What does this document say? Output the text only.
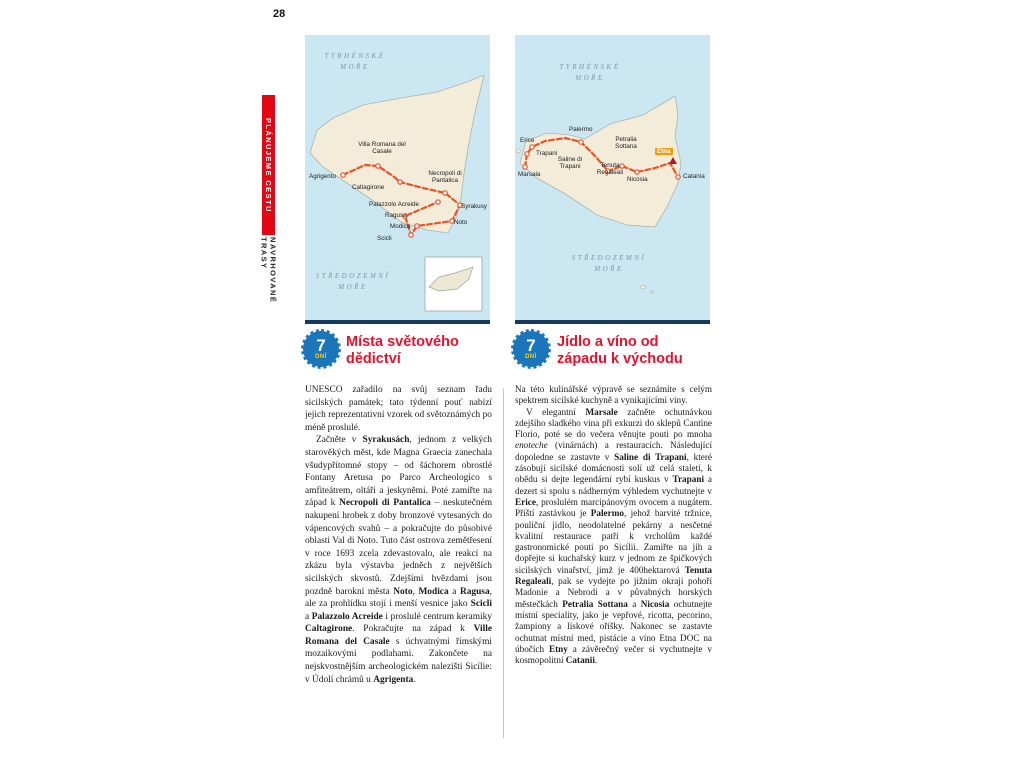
28
PLÁNUJEME CESTU
NAVRHOVANÉ TRASY
TYRHÉNSKÉ MOŘE
STŘEDOZEMNÍ MOŘE
Villa Romana del Casale
Agrigento
Caltagirone
Necropoli di Pantalica
Palazzolo Acreide	Syrakusy
Ragusa
Modica
Noto
Scicli
TYRHÉNSKÉ MOŘE
STŘEDOZEMNÍ MOŘE
Erice
Palermo
Petralia Sottana
Trapani
Saline di Trapani
Marsala
Tenuta Regaleali
Nicosia
Etna
Catania
7
DNÍ
Místa světového dědictví
7
DNÍ
Jídlo a víno od západu k východu

UNESCO zařadilo na svůj seznam řadu sicilských památek; tato týdenní pouť nabízí jejich reprezentativní vzorek od světoznámých po méně proslulé.

Začněte v Syrakusách, jednom z velkých starověkých měst, kde Magna Graecia zanechala všudypřítomné stopy – od šáchorem obrostlé Fontany Aretusa po Parco Archeologico s amfiteátrem, oltáři a jeskyněmi. Poté zamiřte na západ k Necropoli di Pantalica – neskutečném nakupení hrobek z doby bronzové vytesaných do vápencových svahů – a pokračujte do působivé oblasti Val di Noto. Tuto část ostrova zemětřesení v roce 1693 zcela zdevastovalo, ale reakcí na zkázu byla výstavba jedněch z největších sicilských skvostů. Zdejšími hvězdami jsou pozdně barokní města Noto, Modica a Ragusa, ale za prohlídku stojí i menší vesnice jako Scicli a Palazzolo Acreide i proslulé centrum keramiky Caltagirone. Pokračujte na západ k Ville Romana del Casale s úchvatnými římskými mozaikovými podlahami. Zakončete na nejskvostnějším archeologickém nalezišti Sicílie: v Údolí chrámů u Agrigenta.

Na této kulinářské výpravě se seznámíte s celým spektrem sicilské kuchyně a vynikajícími víny.

V elegantní Marsale začněte ochutnávkou zdejšího sladkého vína při exkurzi do sklepů Cantine Florio, poté se do večera věnujte pouti po mnoha enoteche (vinárnách) a restauracích. Následující dopoledne se zastavte v Saline di Trapani, které zásobují sicilské domácnosti solí už celá staletí, k obědu si dejte legendární rybí kuskus v Trapani a dezert si spolu s nádherným výhledem vychutnejte v Erice, proslulém marcipánovým ovocem a nugátem. Příští zastávkou je Palermo, jehož barvité tržnice, pouliční jídlo, neodolatelné pekárny a nesčetné kvalitní restaurace patří k vrcholům každé gastronomické pouti po Sicílii. Zamiřte na jih a dopřejte si kuchařský kurz v jednom ze špičkových sicilských vinařství, jímž je 400hektarová Tenuta Regaleali, pak se vydejte po jižním okraji pohoří Madonie a Nebrodi a v půvabných horských městečkách Petralia Sottana a Nicosia ochutnejte místní speciality, jako je vepřové, ricotta, pecorino, žampiony a lískové oříšky. Nakonec se zastavte ochutnat místní med, pistácie a víno Etna DOC na úbočích Etny a závěrečný večer si vychutnejte v kosmopolitní Catanii.
